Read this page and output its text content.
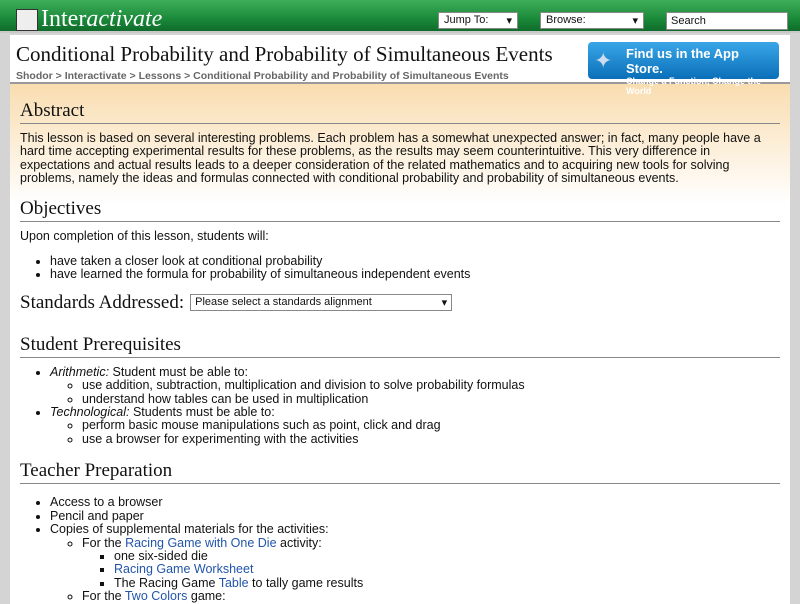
Inter activate	Jump To: ▾	Browse:	▾	Search
Conditional Probability and Probability of Simultaneous Events
Shodor > Interactivate > Lessons > Conditional Probability and Probability of Simultaneous Events
✦ Find us in the App Store.
Change a Function, Change the World
Abstract

This lesson is based on several interesting problems. Each problem has a somewhat unexpected answer; in fact, many people have a hard time accepting experimental results for these problems, as the results may seem counterintuitive. This very difference in expectations and actual results leads to a deeper consideration of the related mathematics and to acquiring new tools for solving problems, namely the ideas and formulas connected with conditional probability and probability of simultaneous events.

Objectives

Upon completion of this lesson, students will:

• have taken a closer look at conditional probability
• have learned the formula for probability of simultaneous independent events
Standards Addressed: Please select a standards alignment	▾
Student Prerequisites
• Arithmetic: Student must be able to:
◦ use addition, subtraction, multiplication and division to solve probability formulas
◦ understand how tables can be used in multiplication
• Technological: Students must be able to:
◦ perform basic mouse manipulations such as point, click and drag
◦ use a browser for experimenting with the activities
Teacher Preparation
• Access to a browser
• Pencil and paper
• Copies of supplemental materials for the activities:
◦ For the Racing Game with One Die activity:
▪ one six-sided die
▪ Racing Game Worksheet
▪ The Racing Game Table to tally game results
◦ For the Two Colors game:
